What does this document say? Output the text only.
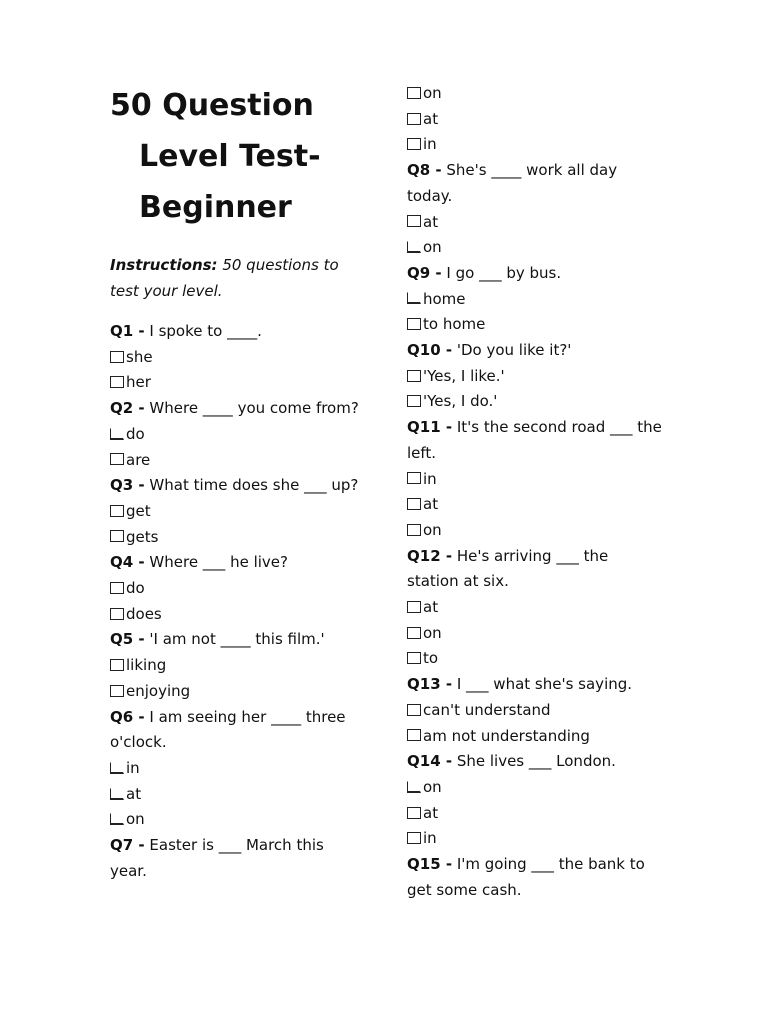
50 Question Level Test- Beginner
Instructions: 50 questions to test your level.

Q1 - I spoke to ____.

she
her

Q2 - Where ____ you come from?

do
are

Q3 - What time does she ___ up?

get
gets

Q4 - Where ___ he live?

do
does

Q5 - 'I am not ____ this film.'

liking
enjoying

Q6 - I am seeing her ____ three o'clock.

in
at
on

Q7 - Easter is ___ March this year.

on
at
in

Q8 - She's ____ work all day today.

at
on

Q9 - I go ___ by bus.

home
to home

Q10 - 'Do you like it?'

'Yes, I like.'
'Yes, I do.'

Q11 - It's the second road ___ the left.

in
at
on

Q12 - He's arriving ___ the station at six.

at
on
to

Q13 - I ___ what she's saying.

can't understand
am not understanding

Q14 - She lives ___ London.

on
at
in

Q15 - I'm going ___ the bank to get some cash.
